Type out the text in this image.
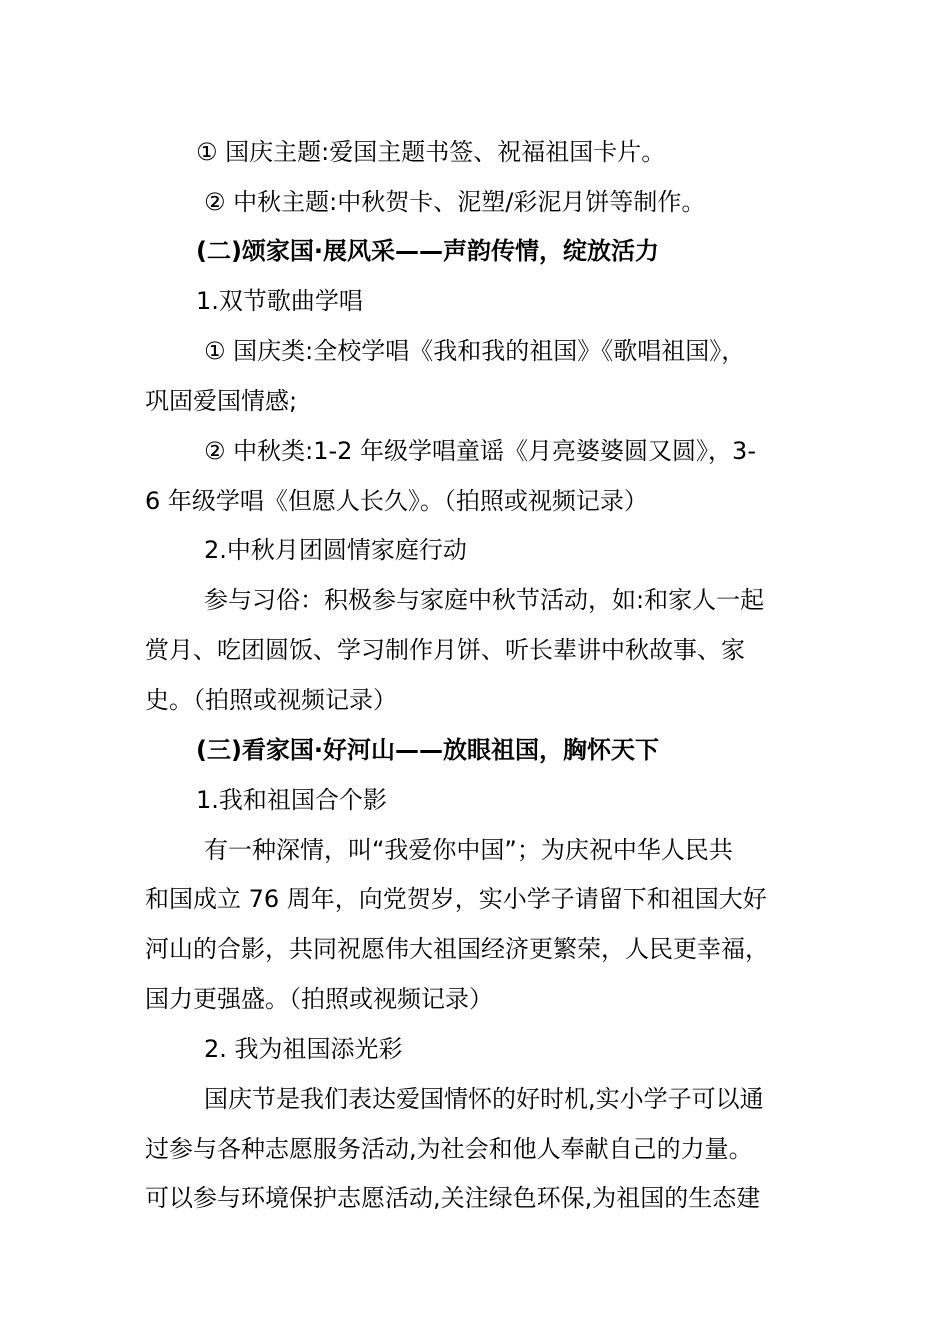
① 国庆主题:爱国主题书签、祝福祖国卡片。
② 中秋主题:中秋贺卡、泥塑/彩泥月饼等制作。
(二)颂家国·展风采——声韵传情，绽放活力
1.双节歌曲学唱
① 国庆类:全校学唱《我和我的祖国》《歌唱祖国》，
巩固爱国情感;
② 中秋类:1-2 年级学唱童谣《月亮婆婆圆又圆》，3-
6 年级学唱《但愿人长久》。（拍照或视频记录）
2.中秋月团圆情家庭行动
参与习俗：积极参与家庭中秋节活动，如:和家人一起
赏月、吃团圆饭、学习制作月饼、听长辈讲中秋故事、家
史。（拍照或视频记录）
(三)看家国·好河山——放眼祖国，胸怀天下
1.我和祖国合个影
有一种深情，叫“我爱你中国”；为庆祝中华人民共
和国成立 76 周年，向党贺岁，实小学子请留下和祖国大好
河山的合影，共同祝愿伟大祖国经济更繁荣，人民更幸福，
国力更强盛。（拍照或视频记录）
2. 我为祖国添光彩
国庆节是我们表达爱国情怀的好时机,实小学子可以通
过参与各种志愿服务活动,为社会和他人奉献自己的力量。
可以参与环境保护志愿活动,关注绿色环保,为祖国的生态建
